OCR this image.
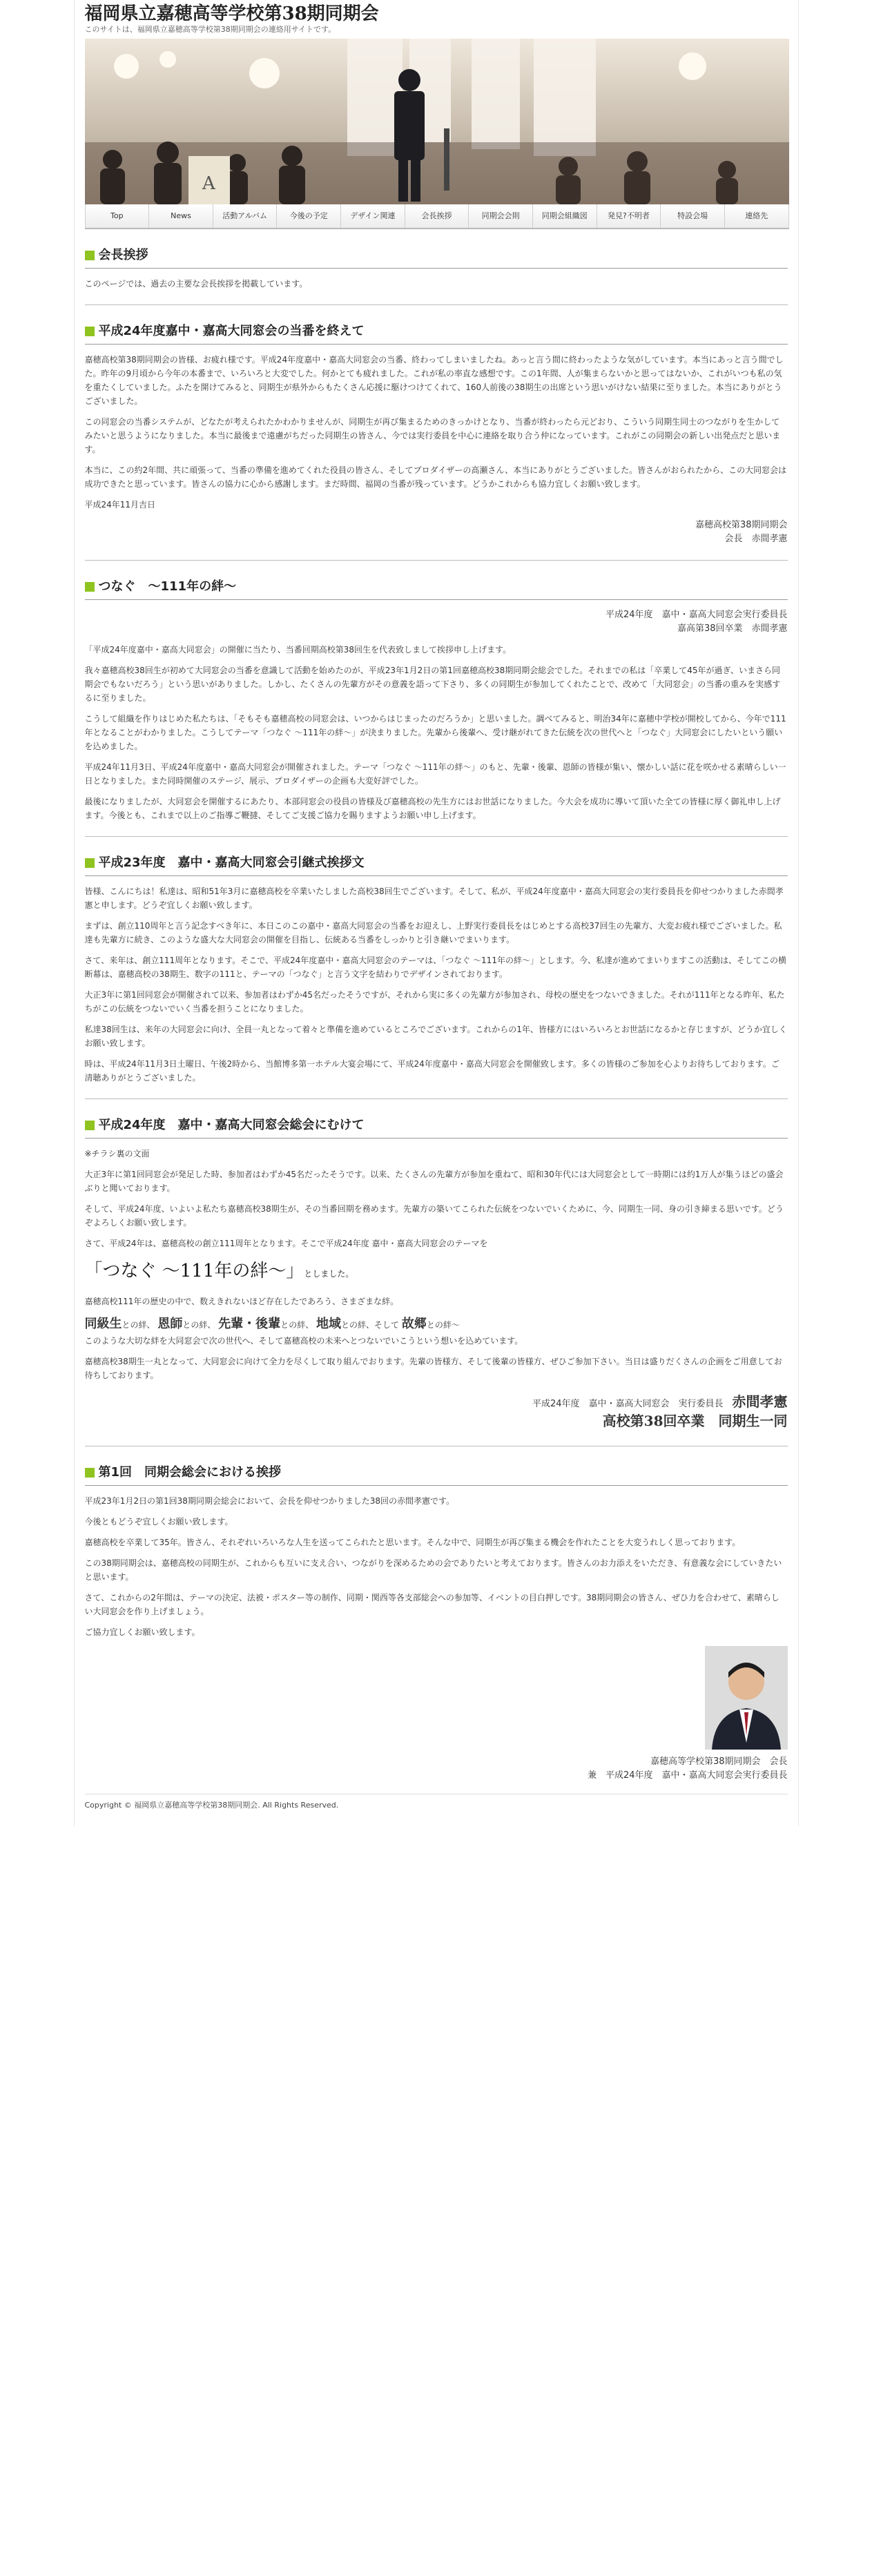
福岡県立嘉穂高等学校第38期同期会
このサイトは、福岡県立嘉穂高等学校第38期同期会の連絡用サイトです。
A
Top	News	活動アルバム	今後の予定	デザイン関連	会長挨拶	同期会会則	同期会組織図	発見?不明者	特設会場	連絡先
会長挨拶
このページでは、過去の主要な会長挨拶を掲載しています。
平成24年度嘉中・嘉高大同窓会の当番を終えて
嘉穂高校第38期同期会の皆様、お疲れ様です。平成24年度嘉中・嘉高大同窓会の当番、終わってしまいましたね。あっと言う間に終わったような気がしています。本当にあっと言う間でした。昨年の9月頃から今年の本番まで、いろいろと大変でした。何かとても疲れました。これが私の率直な感想です。この1年間、人が集まらないかと思ってはないか、これがいつも私の気を重たくしていました。ふたを開けてみると、同期生が県外からもたくさん応援に駆けつけてくれて、160人前後の38期生の出席という思いがけない結果に至りました。本当にありがとうございました。
この同窓会の当番システムが、どなたが考えられたかわかりませんが、同期生が再び集まるためのきっかけとなり、当番が終わったら元どおり、こういう同期生同士のつながりを生かしてみたいと思うようになりました。本当に最後まで遠慮がちだった同期生の皆さん、今では実行委員を中心に連絡を取り合う仲になっています。これがこの同期会の新しい出発点だと思います。
本当に、この約2年間、共に頑張って、当番の準備を進めてくれた役員の皆さん、そしてプロダイザーの高瀬さん、本当にありがとうございました。皆さんがおられたから、この大同窓会は成功できたと思っています。皆さんの協力に心から感謝します。まだ時間、福岡の当番が残っています。どうかこれからも協力宜しくお願い致します。
平成24年11月吉日
嘉穂高校第38期同期会
会長　赤間孝憲
つなぐ　～111年の絆～
平成24年度　嘉中・嘉高大同窓会実行委員長
嘉高第38回卒業　赤間孝憲
「平成24年度嘉中・嘉高大同窓会」の開催に当たり、当番回期高校第38回生を代表致しまして挨拶申し上げます。
我々嘉穂高校38回生が初めて大同窓会の当番を意識して活動を始めたのが、平成23年1月2日の第1回嘉穂高校38期同期会総会でした。それまでの私は「卒業して45年が過ぎ、いまさら同期会でもないだろう」という思いがありました。しかし、たくさんの先輩方がその意義を語って下さり、多くの同期生が参加してくれたことで、改めて「大同窓会」の当番の重みを実感するに至りました。
こうして組織を作りはじめた私たちは、「そもそも嘉穂高校の同窓会は、いつからはじまったのだろうか」と思いました。調べてみると、明治34年に嘉穂中学校が開校してから、今年で111年となることがわかりました。こうしてテーマ「つなぐ ～111年の絆～」が決まりました。先輩から後輩へ、受け継がれてきた伝統を次の世代へと「つなぐ」大同窓会にしたいという願いを込めました。
平成24年11月3日、平成24年度嘉中・嘉高大同窓会が開催されました。テーマ「つなぐ ～111年の絆～」のもと、先輩・後輩、恩師の皆様が集い、懐かしい話に花を咲かせる素晴らしい一日となりました。また同時開催のステージ、展示、プロダイザーの企画も大変好評でした。
最後になりましたが、大同窓会を開催するにあたり、本部同窓会の役員の皆様及び嘉穂高校の先生方にはお世話になりました。今大会を成功に導いて頂いた全ての皆様に厚く御礼申し上げます。今後とも、これまで以上のご指導ご鞭撻、そしてご支援ご協力を賜りますようお願い申し上げます。
平成23年度　嘉中・嘉高大同窓会引継式挨拶文
皆様、こんにちは！私達は、昭和51年3月に嘉穂高校を卒業いたしました高校38回生でございます。そして、私が、平成24年度嘉中・嘉高大同窓会の実行委員長を仰せつかりました赤間孝憲と申します。どうぞ宜しくお願い致します。
まずは、創立110周年と言う記念すべき年に、本日このこの嘉中・嘉高大同窓会の当番をお迎えし、上野実行委員長をはじめとする高校37回生の先輩方、大変お疲れ様でございました。私達も先輩方に続き、このような盛大な大同窓会の開催を目指し、伝統ある当番をしっかりと引き継いでまいります。
さて、来年は、創立111周年となります。そこで、平成24年度嘉中・嘉高大同窓会のテーマは、「つなぐ ～111年の絆～」とします。今、私達が進めてまいりますこの活動は、そしてこの横断幕は、嘉穂高校の38期生、数字の111と、テーマの「つなぐ」と言う文字を結わりでデザインされております。
大正3年に第1回同窓会が開催されて以来、参加者はわずか45名だったそうですが、それから実に多くの先輩方が参加され、母校の歴史をつないできました。それが111年となる昨年、私たちがこの伝統をつないでいく当番を担うことになりました。
私達38回生は、来年の大同窓会に向け、全員一丸となって着々と準備を進めているところでございます。これからの1年、皆様方にはいろいろとお世話になるかと存じますが、どうか宜しくお願い致します。
時は、平成24年11月3日土曜日、午後2時から、当館博多第一ホテル大宴会場にて、平成24年度嘉中・嘉高大同窓会を開催致します。多くの皆様のご参加を心よりお待ちしております。ご清聴ありがとうございました。
平成24年度　嘉中・嘉高大同窓会総会にむけて
※チラシ裏の文面
大正3年に第1回同窓会が発足した時、参加者はわずか45名だったそうです。以来、たくさんの先輩方が参加を重ねて、昭和30年代には大同窓会として一時期には約1万人が集うほどの盛会ぶりと聞いております。
そして、平成24年度、いよいよ私たち嘉穂高校38期生が、その当番回期を務めます。先輩方の築いてこられた伝統をつないでいくために、今、同期生一同、身の引き締まる思いです。どうぞよろしくお願い致します。
さて、平成24年は、嘉穂高校の創立111周年となります。そこで平成24年度 嘉中・嘉高大同窓会のテーマを
「つなぐ ～111年の絆～」としました。
嘉穂高校111年の歴史の中で、数えきれないほど存在したであろう、さまざまな絆。
同級生との絆、 恩師との絆、 先輩・後輩との絆、 地域との絆、そして 故郷との絆～
このような大切な絆を大同窓会で次の世代へ、そして嘉穂高校の未来へとつないでいこうという想いを込めています。
嘉穂高校38期生一丸となって、大同窓会に向けて全力を尽くして取り組んでおります。先輩の皆様方、そして後輩の皆様方、ぜひご参加下さい。当日は盛りだくさんの企画をご用意してお待ちしております。
平成24年度　嘉中・嘉高大同窓会　実行委員長　 赤間孝憲
高校第38回卒業　同期生一同
第1回　同期会総会における挨拶
平成23年1月2日の第1回38期同期会総会において、会長を仰せつかりました38回の赤間孝憲です。
今後ともどうぞ宜しくお願い致します。
嘉穂高校を卒業して35年。皆さん、それぞれいろいろな人生を送ってこられたと思います。そんな中で、同期生が再び集まる機会を作れたことを大変うれしく思っております。
この38期同期会は、嘉穂高校の同期生が、これからも互いに支え合い、つながりを深めるための会でありたいと考えております。皆さんのお力添えをいただき、有意義な会にしていきたいと思います。
さて、これからの2年間は、テーマの決定、法被・ポスター等の制作、同期・関西等各支部総会への参加等、イベントの目白押しです。38期同期会の皆さん、ぜひ力を合わせて、素晴らしい大同窓会を作り上げましょう。
ご協力宜しくお願い致します。
嘉穂高等学校第38期同期会　会長
兼　平成24年度　嘉中・嘉高大同窓会実行委員長
Copyright © 福岡県立嘉穂高等学校第38期同期会. All Rights Reserved.
